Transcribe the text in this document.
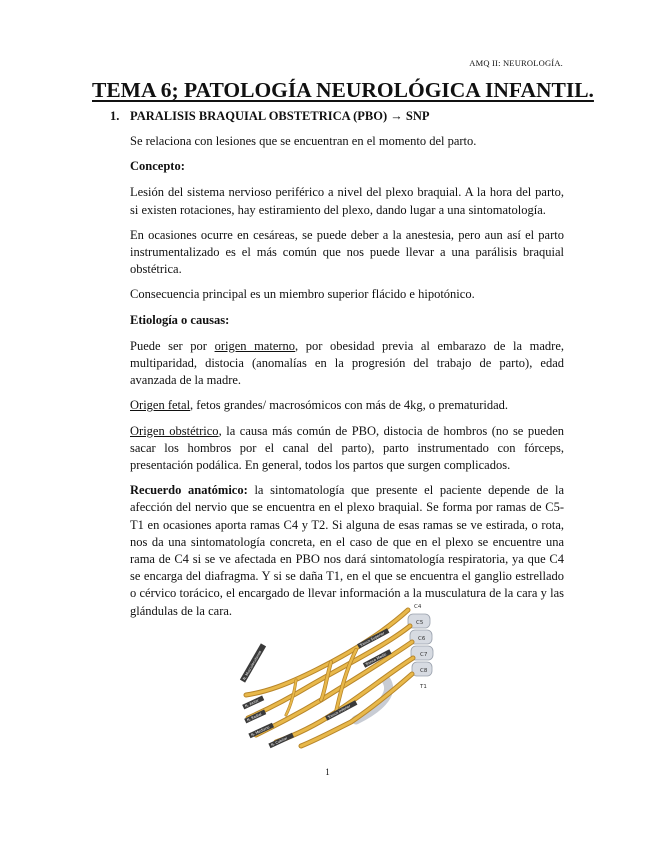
AMQ II: NEUROLOGÍA.
TEMA 6; PATOLOGÍA NEUROLÓGICA INFANTIL.
1. PARALISIS BRAQUIAL OBSTETRICA (PBO) → SNP

Se relaciona con lesiones que se encuentran en el momento del parto.

Concepto:

Lesión del sistema nervioso periférico a nivel del plexo braquial. A la hora del parto, si existen rotaciones, hay estiramiento del plexo, dando lugar a una sintomatología.

En ocasiones ocurre en cesáreas, se puede deber a la anestesia, pero aun así el parto instrumentalizado es el más común que nos puede llevar a una parálisis braquial obstétrica.

Consecuencia principal es un miembro superior flácido e hipotónico.

Etiología o causas:

Puede ser por origen materno, por obesidad previa al embarazo de la madre, multiparidad, distocia (anomalías en la progresión del trabajo de parto), edad avanzada de la madre.

Origen fetal, fetos grandes/ macrosómicos con más de 4kg, o prematuridad.

Origen obstétrico, la causa más común de PBO, distocia de hombros (no se pueden sacar los hombros por el canal del parto), parto instrumentado con fórceps, presentación podálica. En general, todos los partos que surgen complicados.

Recuerdo anatómico: la sintomatología que presente el paciente depende de la afección del nervio que se encuentra en el plexo braquial. Se forma por ramas de C5-T1 en ocasiones aporta ramas C4 y T2. Si alguna de esas ramas se ve estirada, o rota, nos da una sintomatología concreta, en el caso de que en el plexo se encuentre una rama de C4 si se ve afectada en PBO nos dará sintomatología respiratoria, ya que C4 se encarga del diafragma. Y si se daña T1, en el que se encuentra el ganglio estrellado o cérvico torácico, el encargado de llevar información a la musculatura de la cara y las glándulas de la cara.	C4
C5
C6
C7
C8
T1
N. Musculocutaneo
N. Axilar
N. Radial
N. Mediano
N. Cubital
Tronco Superior
Tronco Medio
Tronco Inferior
1
